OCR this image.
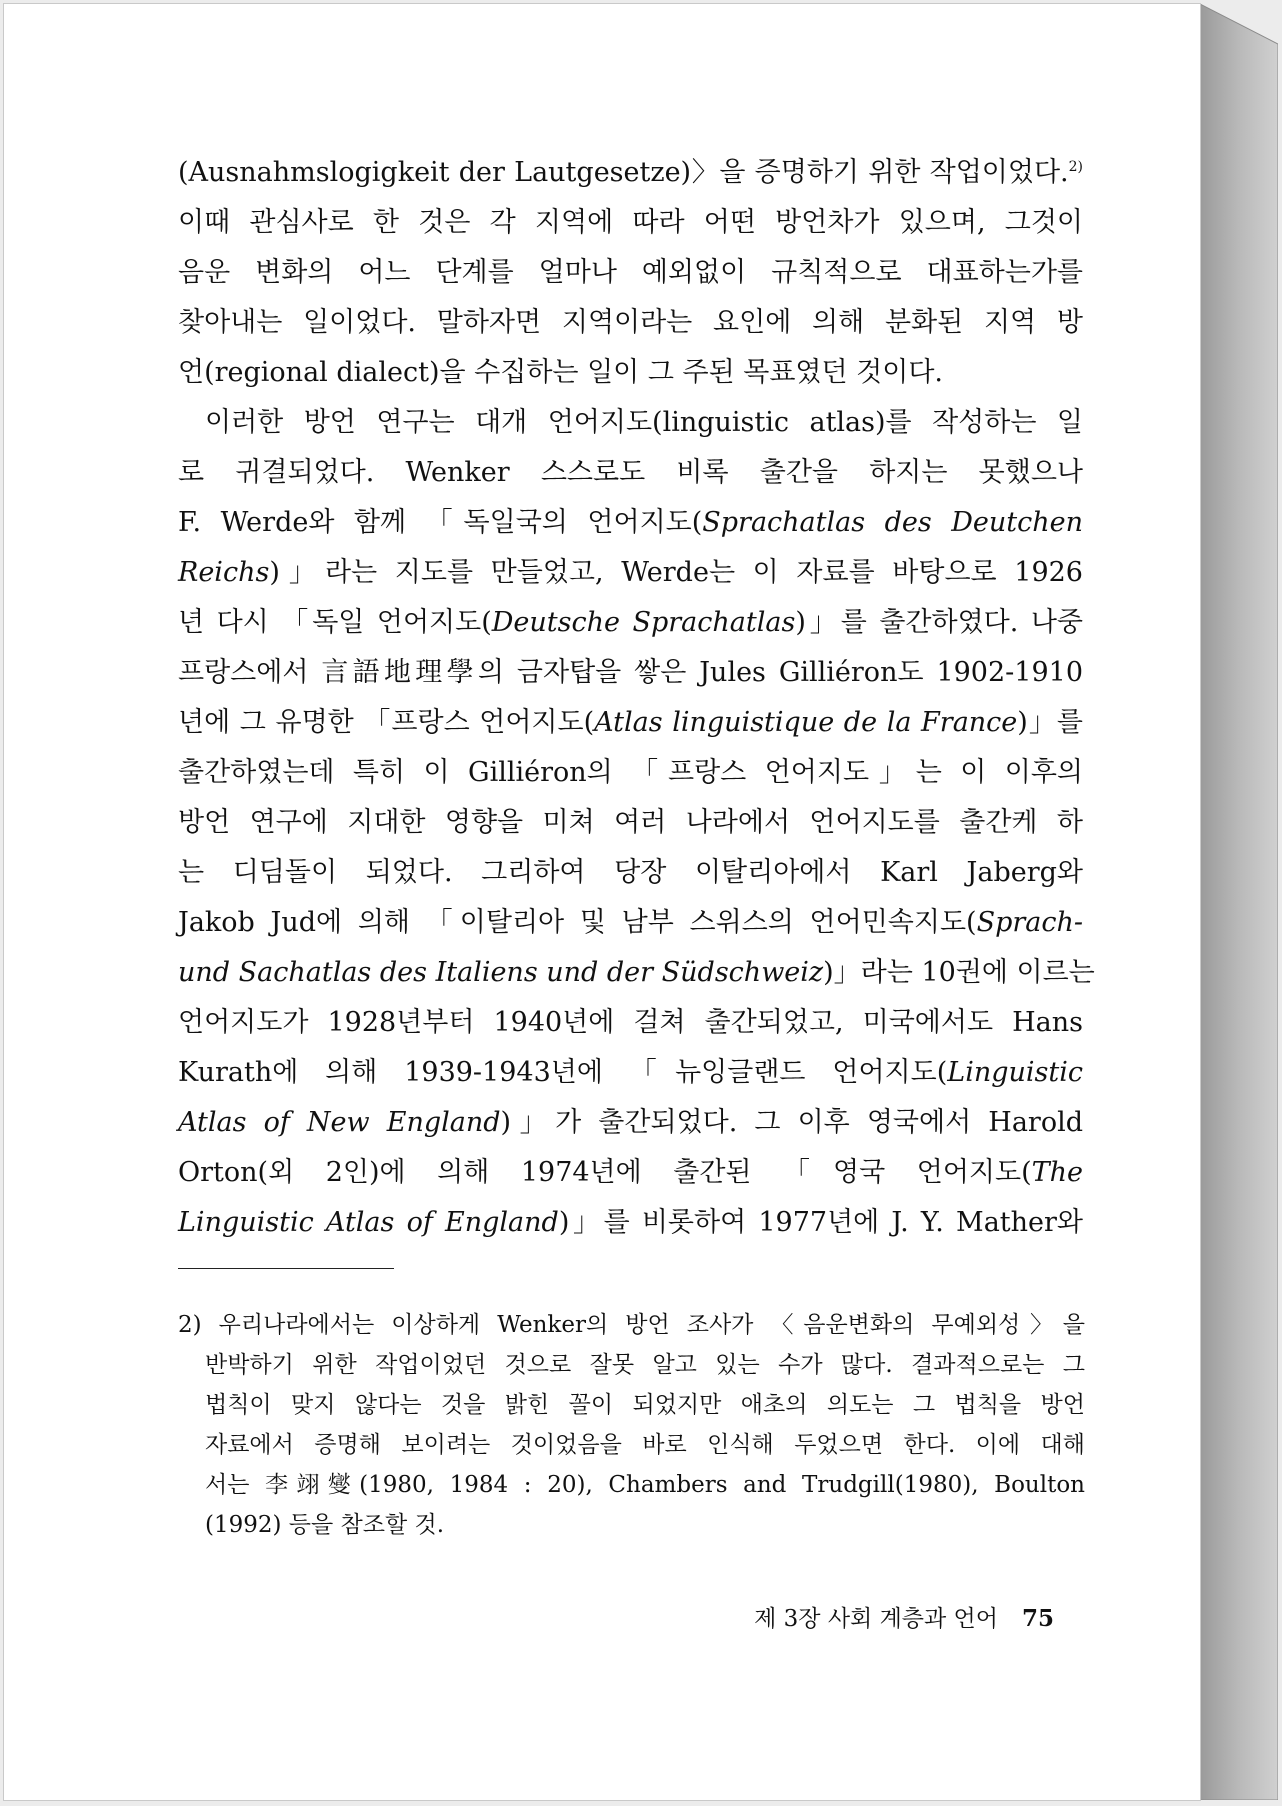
(Ausnahmslogigkeit der Lautgesetze)〉을 증명하기 위한 작업이었다.$^{2)}$
이때 관심사로 한 것은 각 지역에 따라 어떤 방언차가 있으며, 그것이
음운 변화의 어느 단계를 얼마나 예외없이 규칙적으로 대표하는가를
찾아내는 일이었다. 말하자면 지역이라는 요인에 의해 분화된 지역 방
언(regional dialect)을 수집하는 일이 그 주된 목표였던 것이다.
이러한 방언 연구는 대개 언어지도(linguistic atlas)를 작성하는 일
로 귀결되었다. Wenker 스스로도 비록 출간을 하지는 못했으나
F. Werde와 함께 「독일국의 언어지도(Sprachatlas des Deutchen
Reichs)」라는 지도를 만들었고, Werde는 이 자료를 바탕으로 1926
년 다시 「독일 언어지도(Deutsche Sprachatlas)」를 출간하였다. 나중
프랑스에서 言語地理學의 금자탑을 쌓은 Jules Gilliéron도 1902-1910
년에 그 유명한 「프랑스 언어지도(Atlas linguistique de la France)」를
출간하였는데 특히 이 Gilliéron의 「프랑스 언어지도」는 이 이후의
방언 연구에 지대한 영향을 미쳐 여러 나라에서 언어지도를 출간케 하
는 디딤돌이 되었다. 그리하여 당장 이탈리아에서 Karl Jaberg와
Jakob Jud에 의해 「이탈리아 및 남부 스위스의 언어민속지도(Sprach-
und Sachatlas des Italiens und der Südschweiz)」라는 10권에 이르는
언어지도가 1928년부터 1940년에 걸쳐 출간되었고, 미국에서도 Hans
Kurath에 의해 1939-1943년에 「뉴잉글랜드 언어지도(Linguistic
Atlas of New England)」가 출간되었다. 그 이후 영국에서 Harold
Orton(외 2인)에 의해 1974년에 출간된 「영국 언어지도(The
Linguistic Atlas of England)」를 비롯하여 1977년에 J. Y. Mather와
2) 우리나라에서는 이상하게 Wenker의 방언 조사가 〈음운변화의 무예외성〉을
반박하기 위한 작업이었던 것으로 잘못 알고 있는 수가 많다. 결과적으로는 그
법칙이 맞지 않다는 것을 밝힌 꼴이 되었지만 애초의 의도는 그 법칙을 방언
자료에서 증명해 보이려는 것이었음을 바로 인식해 두었으면 한다. 이에 대해
서는 李翊燮(1980, 1984 : 20), Chambers and Trudgill(1980), Boulton
(1992) 등을 참조할 것.
제 3장 사회 계층과 언어 75
